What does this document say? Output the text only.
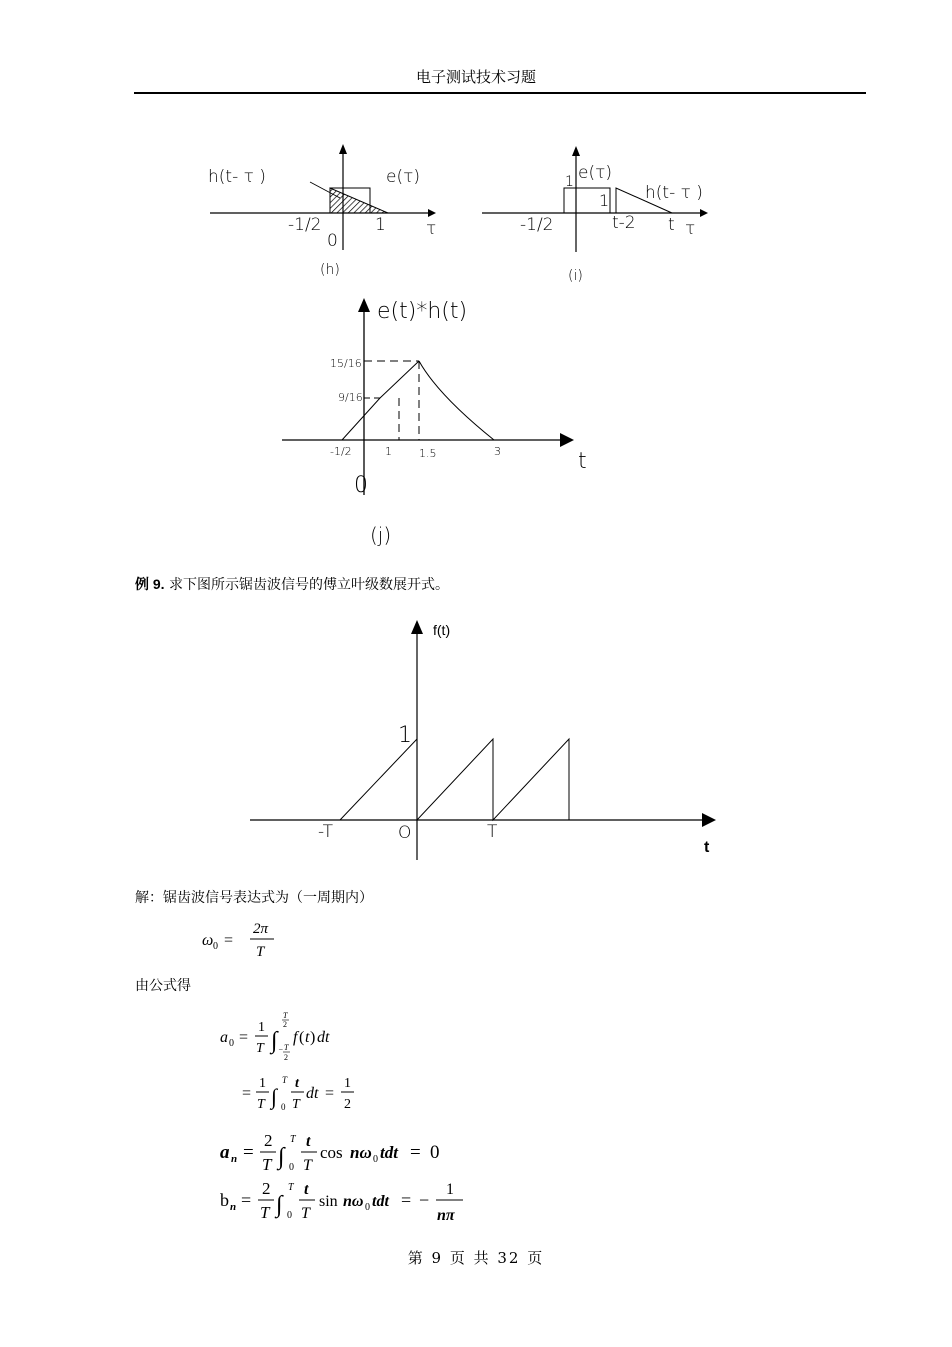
电子测试技术习题
h(t- τ )	e(τ)
-1/2
0
1 τ
(h)
e(τ)
1
1 h(t- τ )
-1/2	t-2 t τ
(i)
e(t)*h(t)
15/16
9/16
-1/2	1 1.5	3
0
t
(j)
例 9. 求下图所示锯齿波信号的傅立叶级数展开式。
f(t)
1
-T	O	T
t
解：锯齿波信号表达式为（一周期内）
ω 0 =
2π
T
由公式得
a 0 =
1
T ∫
T
2
− T
2
f ( t ) dt
=
1
T ∫
T
0
t
T
dt =
1
2
a n =
2
T ∫
T
0
t
T
cos nω 0 tdt = 0
b n =
2
T ∫
T
0
t
T
sin nω 0 tdt = −
1
nπ
第 9 页 共 32 页
